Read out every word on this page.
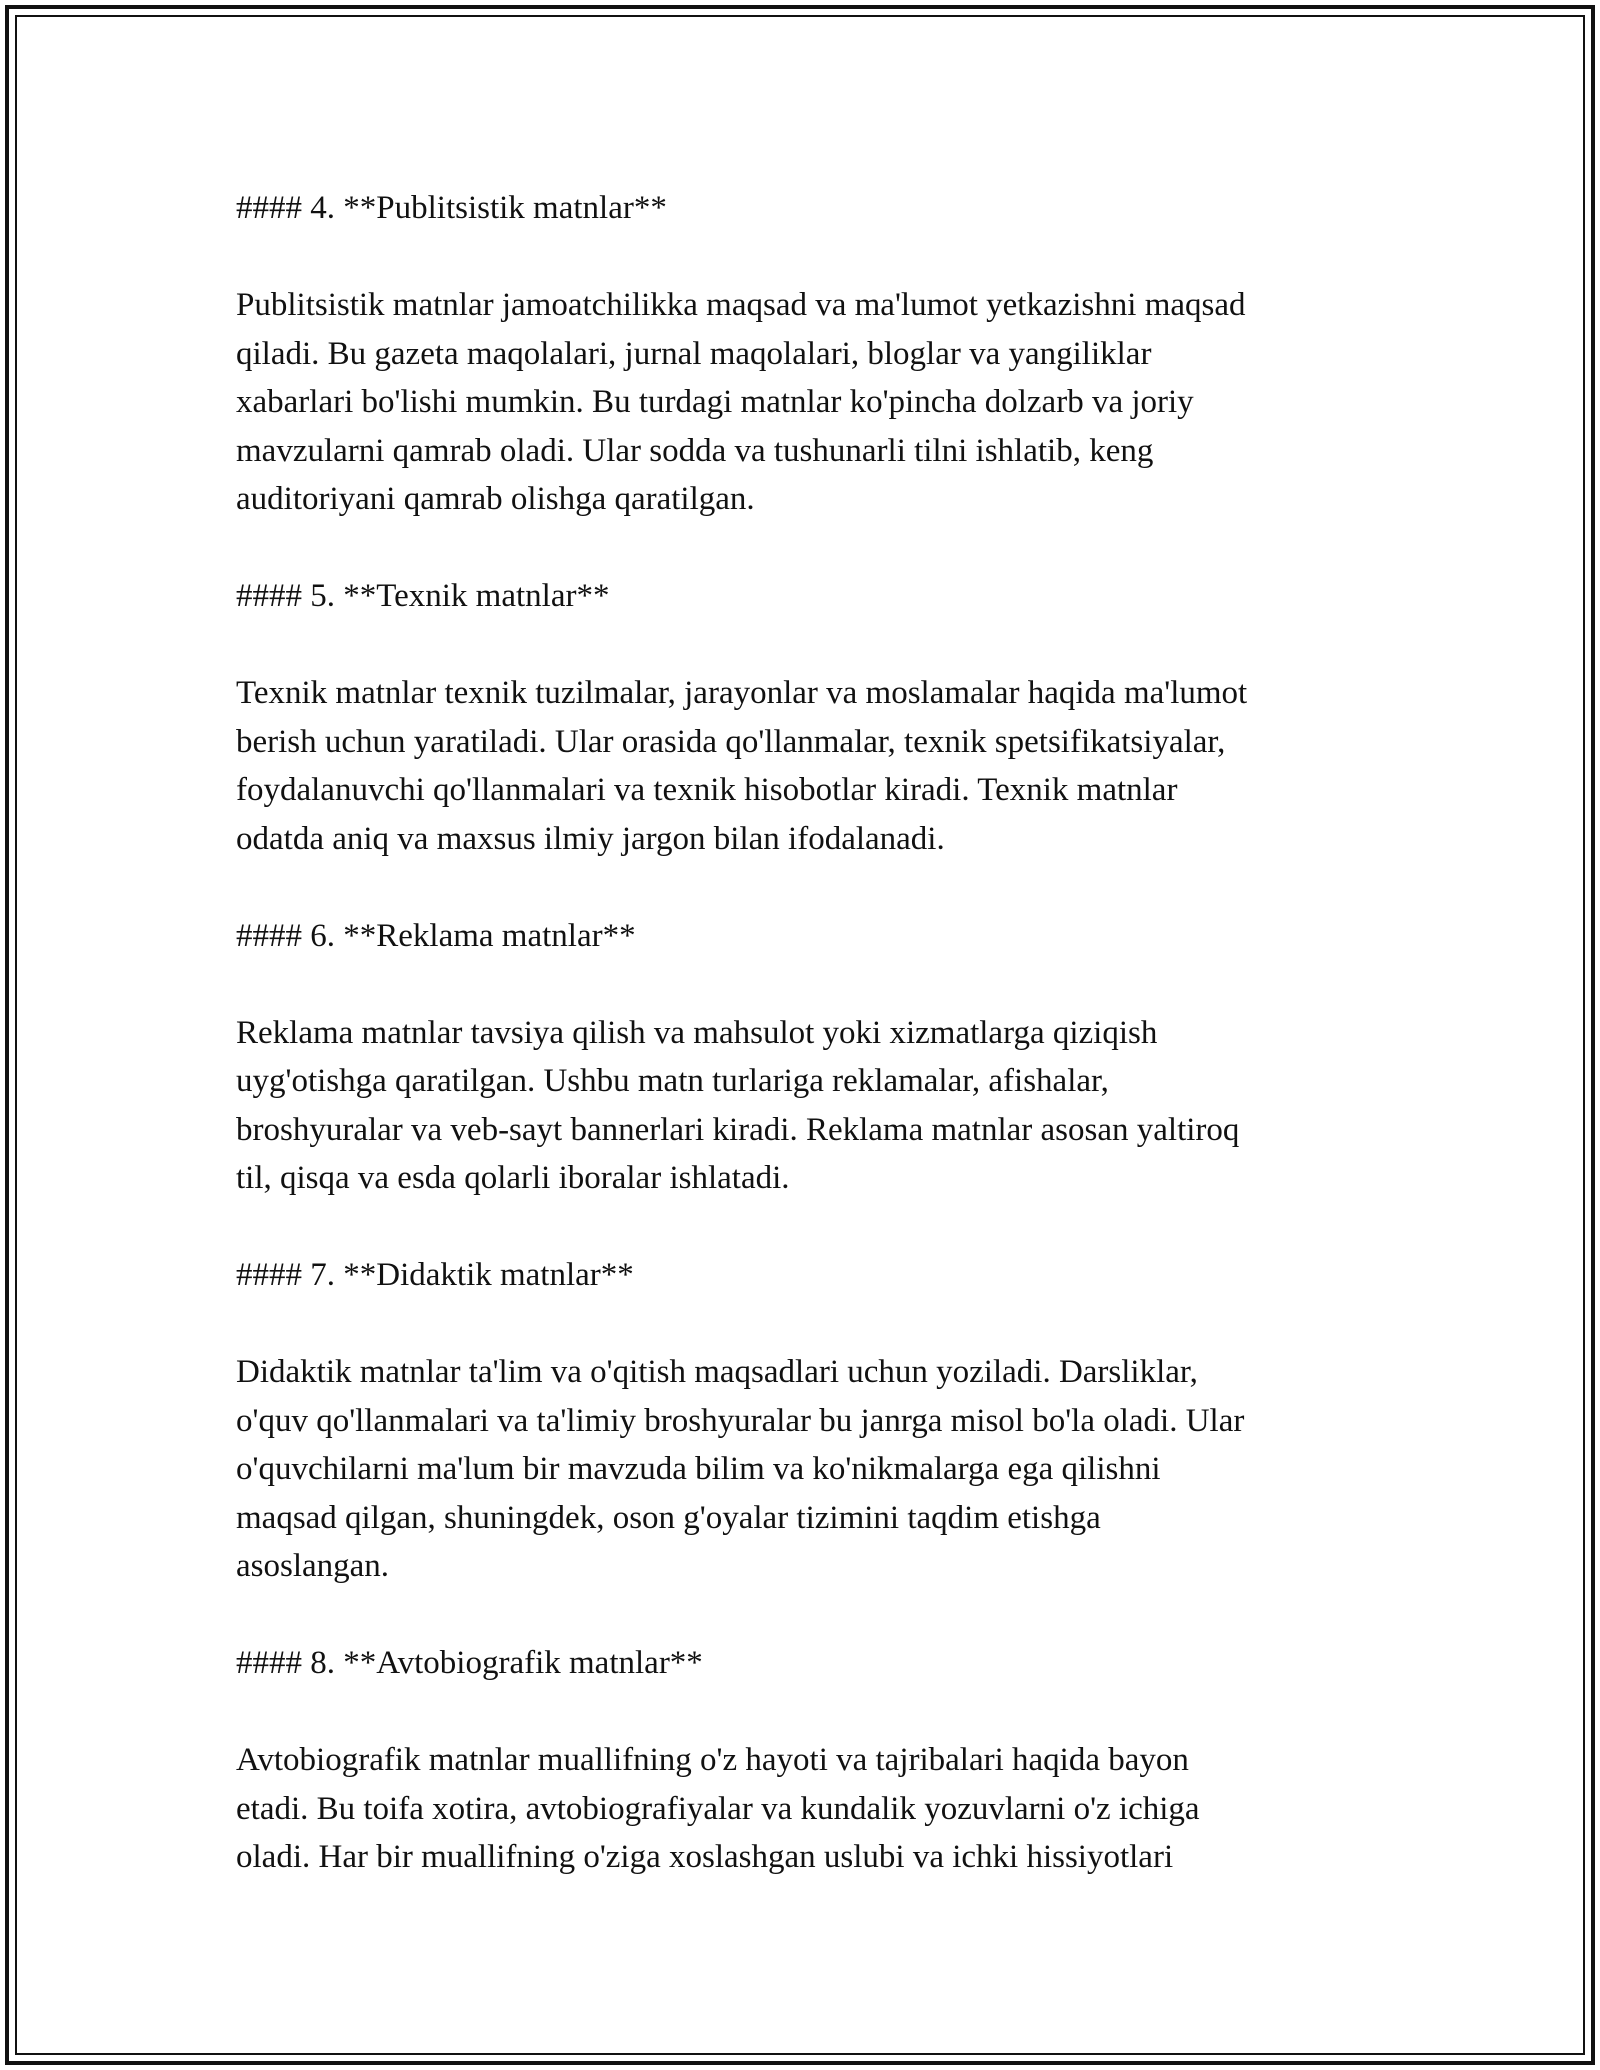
#### 4. **Publitsistik matnlar**
Publitsistik matnlar jamoatchilikka maqsad va ma'lumot yetkazishni maqsad
qiladi. Bu gazeta maqolalari, jurnal maqolalari, bloglar va yangiliklar
xabarlari bo'lishi mumkin. Bu turdagi matnlar ko'pincha dolzarb va joriy
mavzularni qamrab oladi. Ular sodda va tushunarli tilni ishlatib, keng
auditoriyani qamrab olishga qaratilgan.
#### 5. **Texnik matnlar**
Texnik matnlar texnik tuzilmalar, jarayonlar va moslamalar haqida ma'lumot
berish uchun yaratiladi. Ular orasida qo'llanmalar, texnik spetsifikatsiyalar,
foydalanuvchi qo'llanmalari va texnik hisobotlar kiradi. Texnik matnlar
odatda aniq va maxsus ilmiy jargon bilan ifodalanadi.
#### 6. **Reklama matnlar**
Reklama matnlar tavsiya qilish va mahsulot yoki xizmatlarga qiziqish
uyg'otishga qaratilgan. Ushbu matn turlariga reklamalar, afishalar,
broshyuralar va veb-sayt bannerlari kiradi. Reklama matnlar asosan yaltiroq
til, qisqa va esda qolarli iboralar ishlatadi.
#### 7. **Didaktik matnlar**
Didaktik matnlar ta'lim va o'qitish maqsadlari uchun yoziladi. Darsliklar,
o'quv qo'llanmalari va ta'limiy broshyuralar bu janrga misol bo'la oladi. Ular
o'quvchilarni ma'lum bir mavzuda bilim va ko'nikmalarga ega qilishni
maqsad qilgan, shuningdek, oson g'oyalar tizimini taqdim etishga
asoslangan.
#### 8. **Avtobiografik matnlar**
Avtobiografik matnlar muallifning o'z hayoti va tajribalari haqida bayon
etadi. Bu toifa xotira, avtobiografiyalar va kundalik yozuvlarni o'z ichiga
oladi. Har bir muallifning o'ziga xoslashgan uslubi va ichki hissiyotlari
